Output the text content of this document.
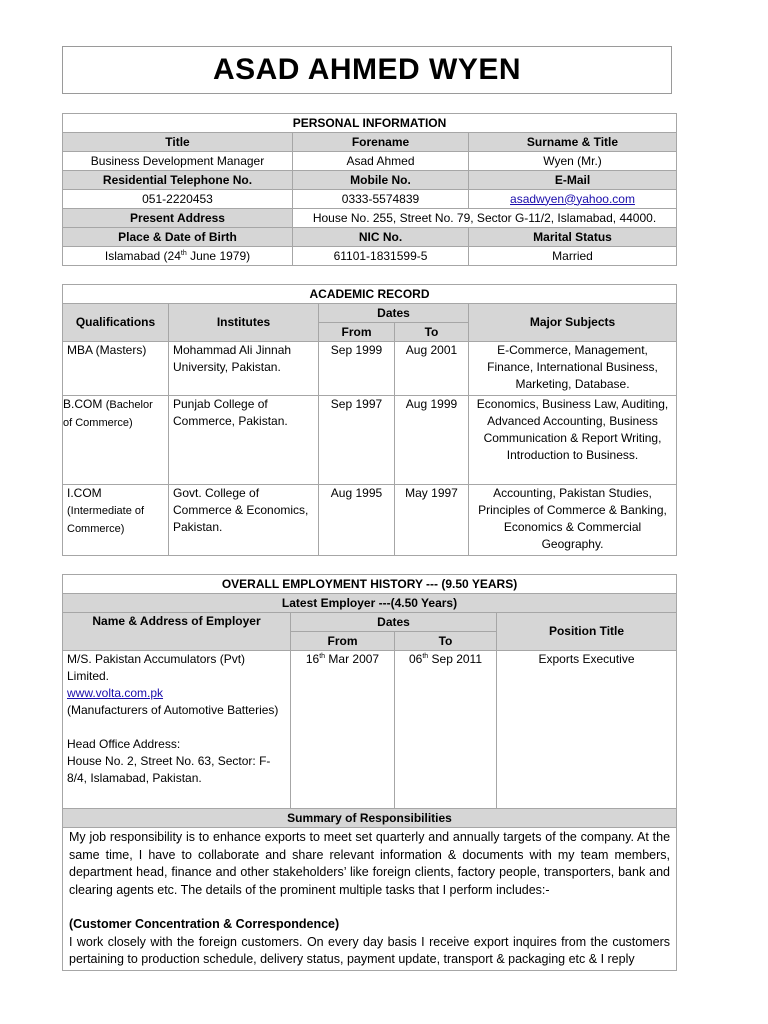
ASAD AHMED WYEN
PERSONAL INFORMATION		
Title	Forename	Surname & Title
Business Development Manager	Asad Ahmed	Wyen (Mr.)
Residential Telephone No.	Mobile No.	E-Mail
051-2220453	0333-5574839	asadwyen@yahoo.com
Present Address	House No. 255, Street No. 79, Sector G-11/2, Islamabad, 44000.	
Place & Date of Birth	NIC No.	Marital Status
Islamabad (24th June 1979)	61101-1831599-5	Married
ACADEMIC RECORD				
Qualifications	Institutes	Dates		Major Subjects
		From	To	
MBA (Masters)	Mohammad Ali Jinnah University, Pakistan.	Sep 1999	Aug 2001	E-Commerce, Management, Finance, International Business, Marketing, Database.
B.COM (Bachelor of Commerce)	Punjab College of Commerce, Pakistan.	Sep 1997	Aug 1999	Economics, Business Law, Auditing, Advanced Accounting, Business Communication & Report Writing, Introduction to Business.
I.COM (Intermediate of Commerce)	Govt. College of Commerce & Economics, Pakistan.	Aug 1995	May 1997	Accounting, Pakistan Studies, Principles of Commerce & Banking, Economics & Commercial Geography.
OVERALL EMPLOYMENT HISTORY --- (9.50 YEARS)			
Latest Employer ---(4.50 Years)			
Name & Address of Employer	Dates		Position Title
	From	To	

M/S. Pakistan Accumulators (Pvt) Limited.
www.volta.com.pk
(Manufacturers of Automotive Batteries)
Head Office Address:
House No. 2, Street No. 63, Sector: F-8/4, Islamabad, Pakistan.	16th Mar 2007	06th Sep 2011	Exports Executive
Summary of Responsibilities			

My job responsibility is to enhance exports to meet set quarterly and annually targets of the company. At the same time, I have to collaborate and share relevant information & documents with my team members, department head, finance and other stakeholders’ like foreign clients, factory people, transporters, bank and clearing agents etc. The details of the prominent multiple tasks that I perform includes:-
(Customer Concentration & Correspondence)
I work closely with the foreign customers. On every day basis I receive export inquires from the customers pertaining to production schedule, delivery status, payment update, transport & packaging etc & I reply			
